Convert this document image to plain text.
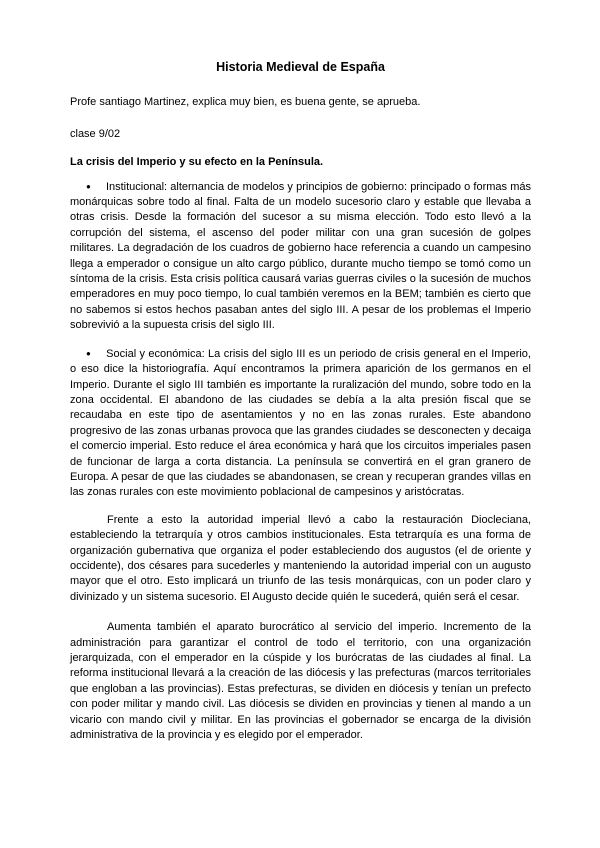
Historia Medieval de España

Profe santiago Martinez, explica muy bien, es buena gente, se aprueba.

clase 9/02

La crisis del Imperio y su efecto en la Península.

● Institucional: alternancia de modelos y principios de gobierno: principado o formas más monárquicas sobre todo al final. Falta de un modelo sucesorio claro y estable que llevaba a otras crisis. Desde la formación del sucesor a su misma elección. Todo esto llevó a la corrupción del sistema, el ascenso del poder militar con una gran sucesión de golpes militares. La degradación de los cuadros de gobierno hace referencia a cuando un campesino llega a emperador o consigue un alto cargo público, durante mucho tiempo se tomó como un síntoma de la crisis. Esta crisis política causará varias guerras civiles o la sucesión de muchos emperadores en muy poco tiempo, lo cual también veremos en la BEM; también es cierto que no sabemos si estos hechos pasaban antes del siglo III. A pesar de los problemas el Imperio sobrevivió a la supuesta crisis del siglo III.

● Social y económica: La crisis del siglo III es un periodo de crisis general en el Imperio, o eso dice la historiografía. Aquí encontramos la primera aparición de los germanos en el Imperio. Durante el siglo III también es importante la ruralización del mundo, sobre todo en la zona occidental. El abandono de las ciudades se debía a la alta presión fiscal que se recaudaba en este tipo de asentamientos y no en las zonas rurales. Este abandono progresivo de las zonas urbanas provoca que las grandes ciudades se desconecten y decaiga el comercio imperial. Esto reduce el área económica y hará que los circuitos imperiales pasen de funcionar de larga a corta distancia. La península se convertirá en el gran granero de Europa. A pesar de que las ciudades se abandonasen, se crean y recuperan grandes villas en las zonas rurales con este movimiento poblacional de campesinos y aristócratas.

Frente a esto la autoridad imperial llevó a cabo la restauración Diocleciana, estableciendo la tetrarquía y otros cambios institucionales. Esta tetrarquía es una forma de organización gubernativa que organiza el poder estableciendo dos augustos (el de oriente y occidente), dos césares para sucederles y manteniendo la autoridad imperial con un augusto mayor que el otro. Esto implicará un triunfo de las tesis monárquicas, con un poder claro y divinizado y un sistema sucesorio. El Augusto decide quién le sucederá, quién será el cesar.

Aumenta también el aparato burocrático al servicio del imperio. Incremento de la administración para garantizar el control de todo el territorio, con una organización jerarquizada, con el emperador en la cúspide y los burócratas de las ciudades al final. La reforma institucional llevará a la creación de las diócesis y las prefecturas (marcos territoriales que engloban a las provincias). Estas prefecturas, se dividen en diócesis y tenían un prefecto con poder militar y mando civil. Las diócesis se dividen en provincias y tienen al mando a un vicario con mando civil y militar. En las provincias el gobernador se encarga de la división administrativa de la provincia y es elegido por el emperador.
